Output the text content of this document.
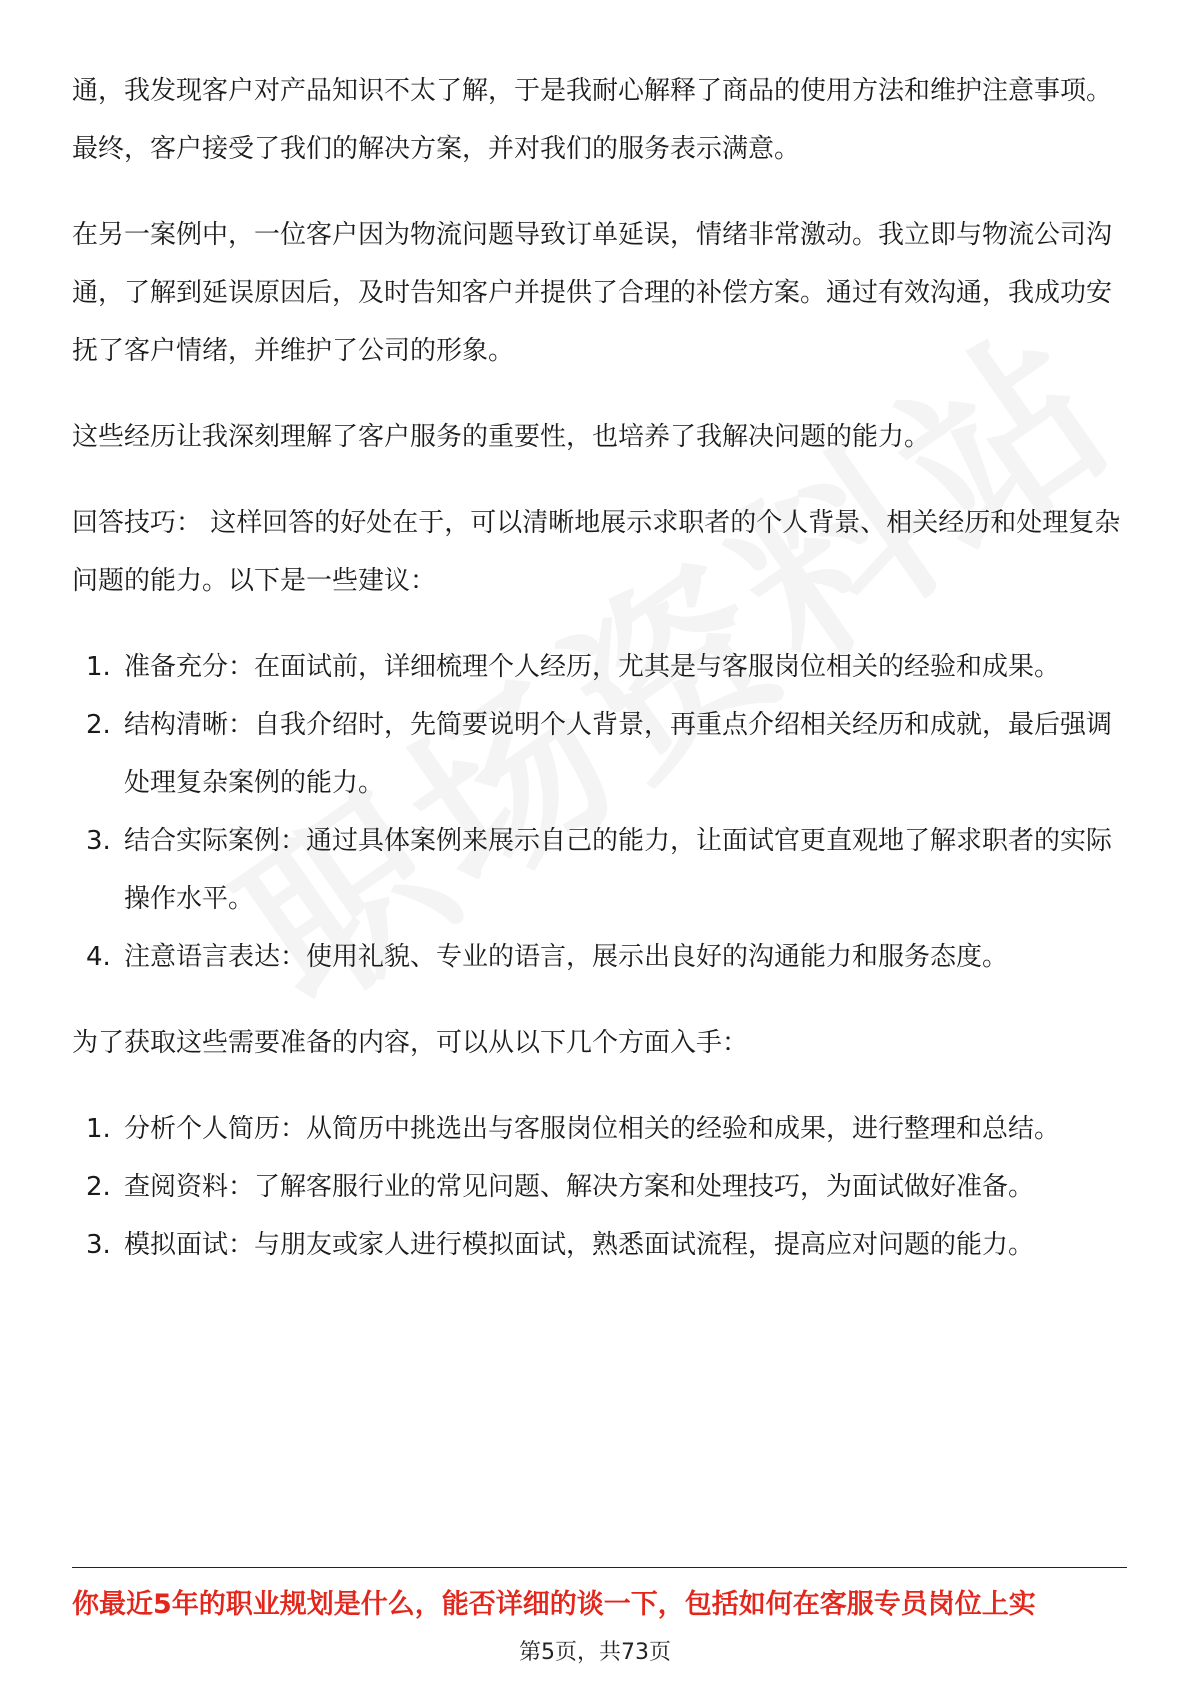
通，我发现客户对产品知识不太了解，于是我耐心解释了商品的使用方法和维护注意事项。最终，客户接受了我们的解决方案，并对我们的服务表示满意。

在另一案例中，一位客户因为物流问题导致订单延误，情绪非常激动。我立即与物流公司沟通，了解到延误原因后，及时告知客户并提供了合理的补偿方案。通过有效沟通，我成功安抚了客户情绪，并维护了公司的形象。

这些经历让我深刻理解了客户服务的重要性，也培养了我解决问题的能力。

回答技巧： 这样回答的好处在于，可以清晰地展示求职者的个人背景、相关经历和处理复杂问题的能力。以下是一些建议：

1. 准备充分：在面试前，详细梳理个人经历，尤其是与客服岗位相关的经验和成果。
2. 结构清晰：自我介绍时，先简要说明个人背景，再重点介绍相关经历和成就，最后强调处理复杂案例的能力。
3. 结合实际案例：通过具体案例来展示自己的能力，让面试官更直观地了解求职者的实际操作水平。
4. 注意语言表达：使用礼貌、专业的语言，展示出良好的沟通能力和服务态度。

为了获取这些需要准备的内容，可以从以下几个方面入手：

1. 分析个人简历：从简历中挑选出与客服岗位相关的经验和成果，进行整理和总结。
2. 查阅资料：了解客服行业的常见问题、解决方案和处理技巧，为面试做好准备。
3. 模拟面试：与朋友或家人进行模拟面试，熟悉面试流程，提高应对问题的能力。
你最近5年的职业规划是什么，能否详细的谈一下，包括如何在客服专员岗位上实
第5页，共73页
